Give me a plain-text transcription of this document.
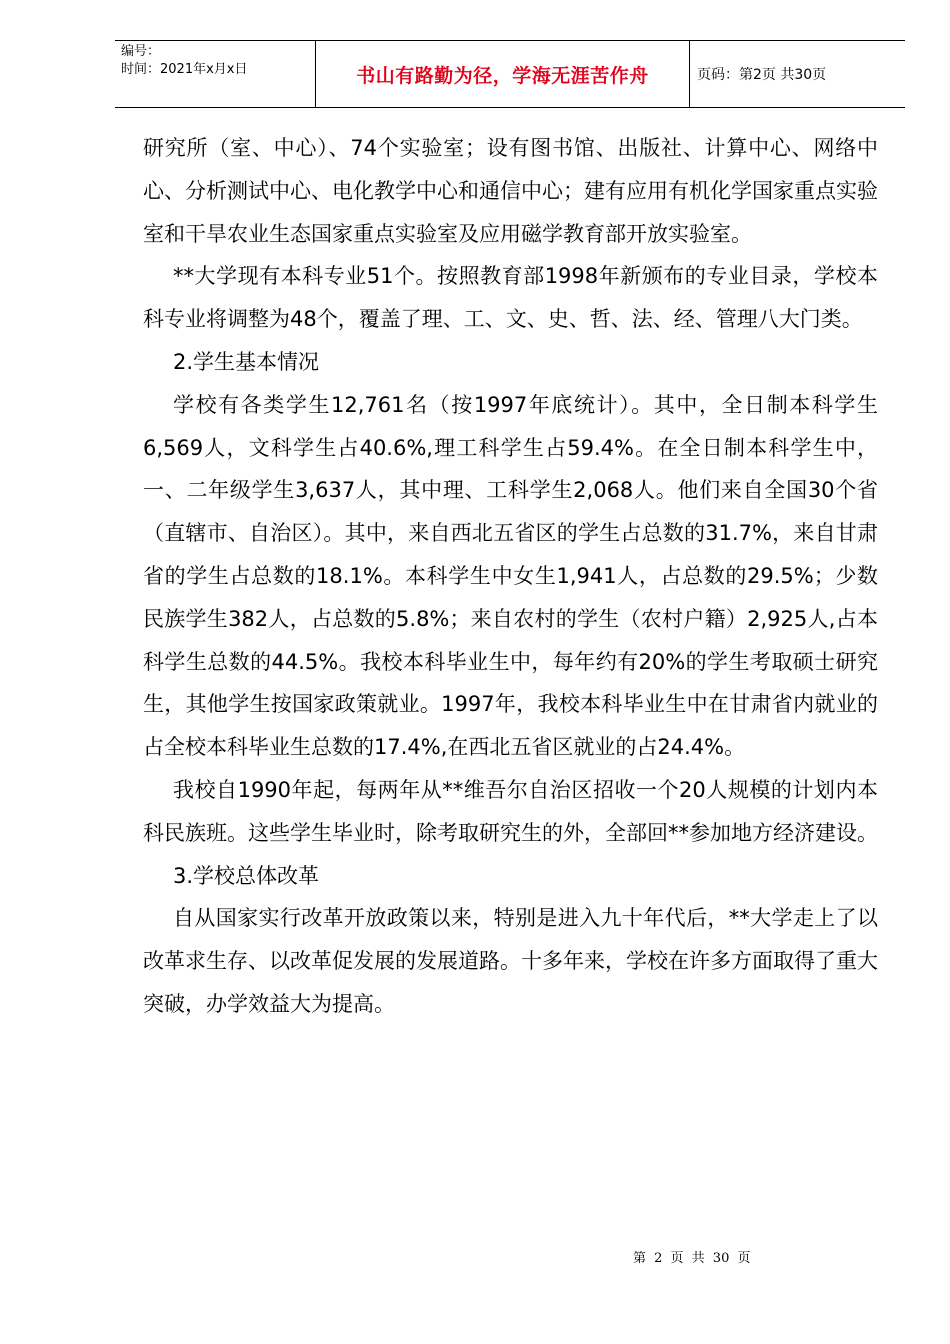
编号：
时间：2021年x月x日	书山有路勤为径，学海无涯苦作舟	页码：第2页 共30页

研究所（室、中心）、74个实验室；设有图书馆、出版社、计算中心、网络中心、分析测试中心、电化教学中心和通信中心；建有应用有机化学国家重点实验室和干旱农业生态国家重点实验室及应用磁学教育部开放实验室。

**大学现有本科专业51个。按照教育部1998年新颁布的专业目录，学校本科专业将调整为48个，覆盖了理、工、文、史、哲、法、经、管理八大门类。

2.学生基本情况

学校有各类学生12,761名（按1997年底统计）。其中，全日制本科学生6,569人，文科学生占40.6%,理工科学生占59.4%。在全日制本科学生中，一、二年级学生3,637人，其中理、工科学生2,068人。他们来自全国30个省（直辖市、自治区）。其中，来自西北五省区的学生占总数的31.7%，来自甘肃省的学生占总数的18.1%。本科学生中女生1,941人，占总数的29.5%；少数民族学生382人，占总数的5.8%；来自农村的学生（农村户籍）2,925人,占本科学生总数的44.5%。我校本科毕业生中，每年约有20%的学生考取硕士研究生，其他学生按国家政策就业。1997年，我校本科毕业生中在甘肃省内就业的占全校本科毕业生总数的17.4%,在西北五省区就业的占24.4%。

我校自1990年起，每两年从**维吾尔自治区招收一个20人规模的计划内本科民族班。这些学生毕业时，除考取研究生的外，全部回**参加地方经济建设。

3.学校总体改革

自从国家实行改革开放政策以来，特别是进入九十年代后，**大学走上了以改革求生存、以改革促发展的发展道路。十多年来，学校在许多方面取得了重大突破，办学效益大为提高。

第 2 页 共 30 页
